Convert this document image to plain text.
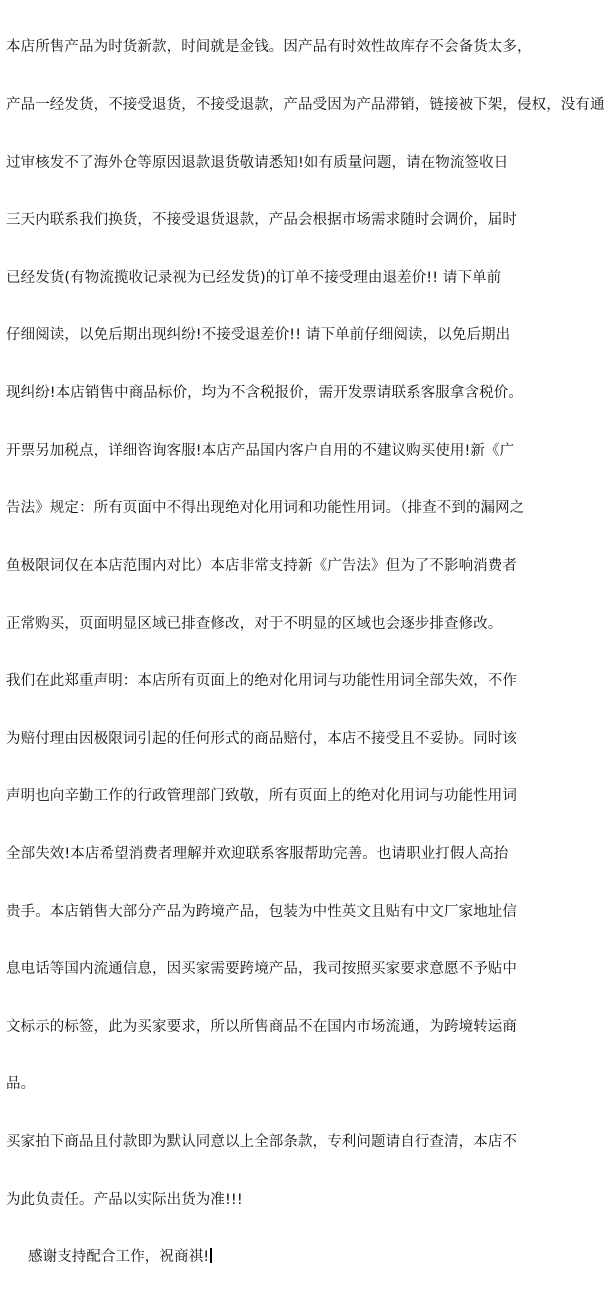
本店所售产品为时货新款，时间就是金钱。因产品有时效性故库存不会备货太多，

产品一经发货，不接受退货，不接受退款，产品受因为产品滞销，链接被下架，侵权，没有通

过审核发不了海外仓等原因退款退货敬请悉知!如有质量问题，请在物流签收日

三天内联系我们换货，不接受退货退款，产品会根据市场需求随时会调价，届时

已经发货(有物流揽收记录视为已经发货)的订单不接受理由退差价!! 请下单前

仔细阅读，以免后期出现纠纷!不接受退差价!! 请下单前仔细阅读，以免后期出

现纠纷!本店销售中商品标价，均为不含税报价，需开发票请联系客服拿含税价。

开票另加税点，详细咨询客服!本店产品国内客户自用的不建议购买使用!新《广

告法》规定：所有页面中不得出现绝对化用词和功能性用词。（排查不到的漏网之

鱼极限词仅在本店范围内对比）本店非常支持新《广告法》但为了不影响消费者

正常购买，页面明显区域已排查修改，对于不明显的区域也会逐步排查修改。

我们在此郑重声明：本店所有页面上的绝对化用词与功能性用词全部失效，不作

为赔付理由因极限词引起的任何形式的商品赔付，本店不接受且不妥协。同时该

声明也向辛勤工作的行政管理部门致敬，所有页面上的绝对化用词与功能性用词

全部失效!本店希望消费者理解并欢迎联系客服帮助完善。也请职业打假人高抬

贵手。本店销售大部分产品为跨境产品，包装为中性英文且贴有中文厂家地址信

息电话等国内流通信息，因买家需要跨境产品，我司按照买家要求意愿不予贴中

文标示的标签，此为买家要求，所以所售商品不在国内市场流通，为跨境转运商

品。

买家拍下商品且付款即为默认同意以上全部条款，专利问题请自行查清，本店不

为此负责任。产品以实际出货为准!!!

感谢支持配合工作，祝商祺!
